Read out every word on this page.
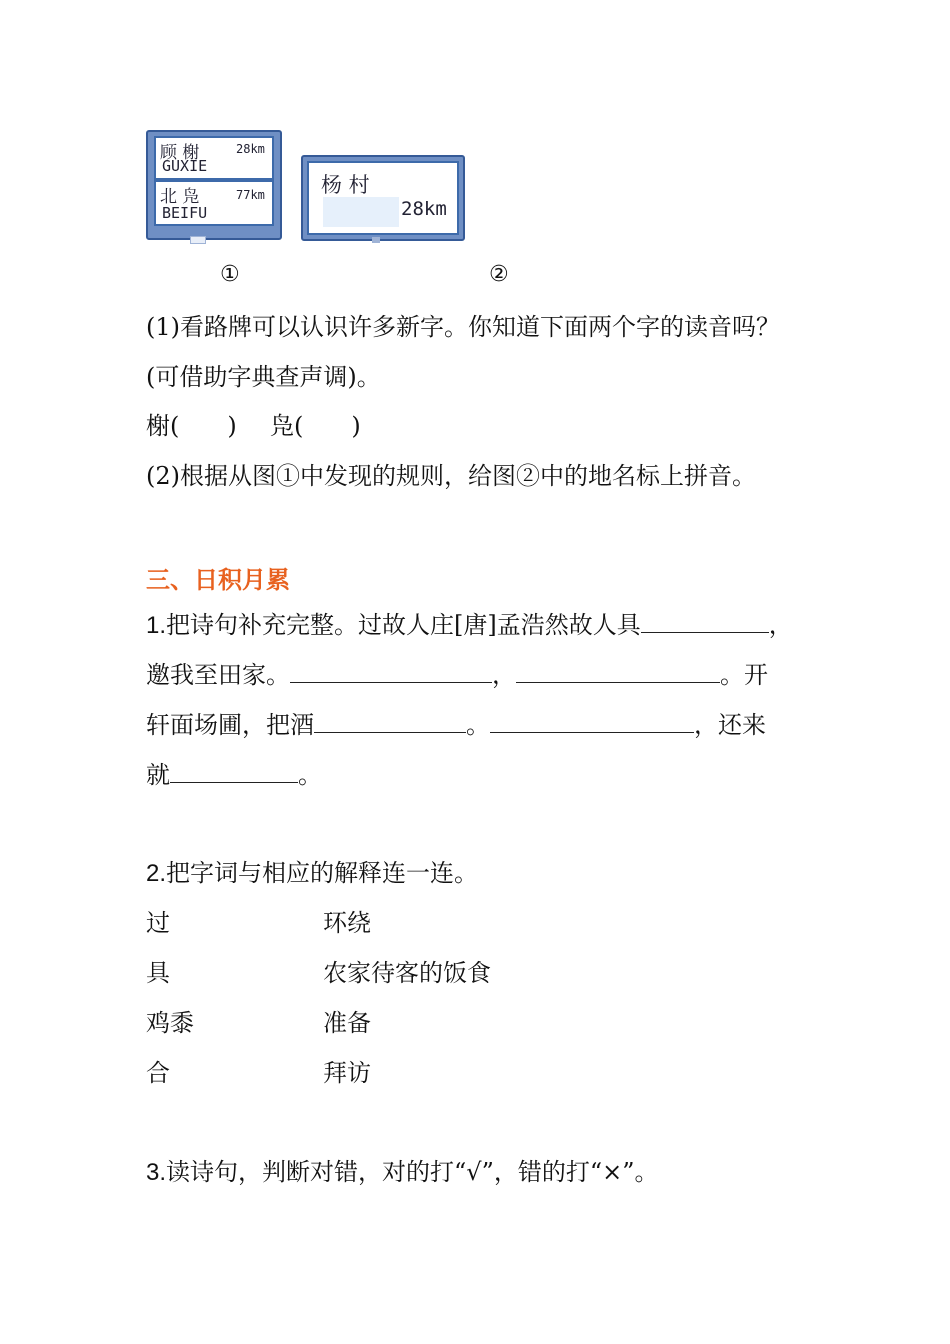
顾 榭	28km
GUXIE
北 凫	77km
BEIFU
杨 村
28km
①	②
(1)看路牌可以认识许多新字。你知道下面两个字的读音吗？
(可借助字典查声调)。
榭(　　) 凫(　　)
(2)根据从图①中发现的规则，给图②中的地名标上拼音。
三、日积月累
1.把诗句补充完整。过故人庄[唐]孟浩然故人具	，
邀我至田家。	，	。开
轩面场圃，把酒	。	，还来
就	。
2.把字词与相应的解释连一连。
过	环绕
具	农家待客的饭食
鸡黍	准备
合	拜访
3.读诗句，判断对错，对的打“√”，错的打“×”。
